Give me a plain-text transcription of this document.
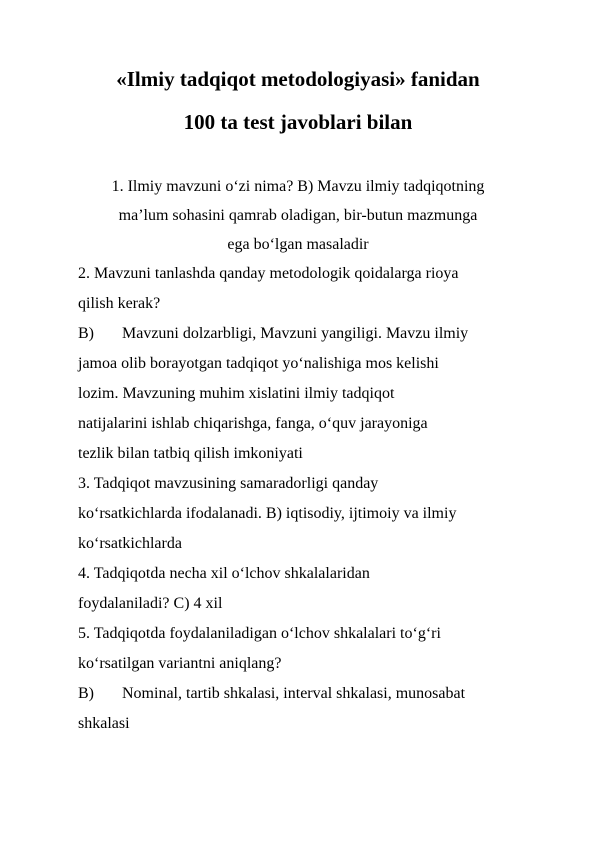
«Ilmiy tadqiqot metodologiyasi» fanidan
100 ta test javoblari bilan
1. Ilmiy mavzuni oʻzi nima? B) Mavzu ilmiy tadqiqotning
maʼlum sohasini qamrab oladigan, bir-butun mazmunga
ega boʻlgan masaladir
2. Mavzuni tanlashda qanday metodologik qoidalarga rioya
qilish kerak?
B) Mavzuni dolzarbligi, Mavzuni yangiligi. Mavzu ilmiy
jamoa olib borayotgan tadqiqot yoʻnalishiga mos kelishi
lozim. Mavzuning muhim xislatini ilmiy tadqiqot
natijalarini ishlab chiqarishga, fanga, oʻquv jarayoniga
tezlik bilan tatbiq qilish imkoniyati
3. Tadqiqot mavzusining samaradorligi qanday
koʻrsatkichlarda ifodalanadi. B) iqtisodiy, ijtimoiy va ilmiy
koʻrsatkichlarda
4. Tadqiqotda necha xil oʻlchov shkalalaridan
foydalaniladi? C) 4 xil
5. Tadqiqotda foydalaniladigan oʻlchov shkalalari toʻgʻri
koʻrsatilgan variantni aniqlang?
B) Nominal, tartib shkalasi, interval shkalasi, munosabat
shkalasi
